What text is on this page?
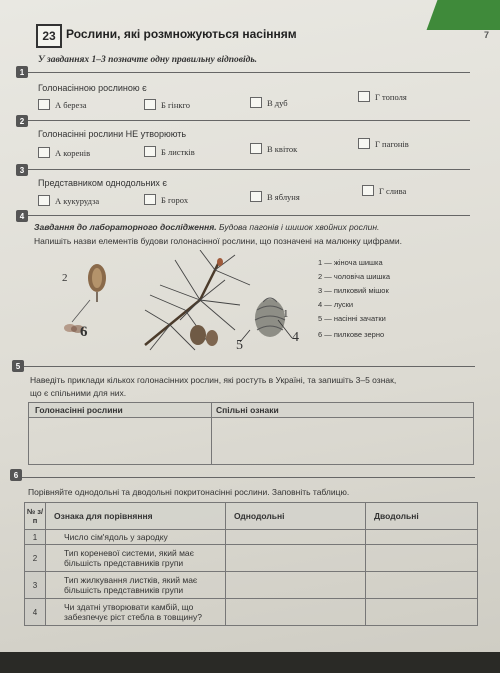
7
23 Рослини, які розмножуються насінням
У завданнях 1–3 позначте одну правильну відповідь.
1
Голонасінною рослиною є
А береза	Б гінкго	В дуб
Г тополя
2
Голонасінні рослини НЕ утворюють
А коренів	Б листків	В квіток	Г пагонів
3
Представником однодольних є
А кукурудза	Б горох	В яблуня
Г слива
4
Завдання до лабораторного дослідження. Будова пагонів і шишок хвойних рослин.
Напишіть назви елементів будови голонасінної рослини, що позначені на малюнку цифрами.
2
6
1
4
5
1 — жіноча шишка
2 — чоловіча шишка
3 — пилковий мішок
4 — луски
5 — насінні зачатки
6 — пилкове зерно
5
Наведіть приклади кількох голонасінних рослин, які ростуть в Україні, та запишіть 3–5 ознак,
що є спільними для них.
Голонасінні рослини	Спільні ознаки

6
Порівняйте однодольні та дводольні покритонасінні рослини. Заповніть таблицю.
№ з/п	Ознака для порівняння	Однодольні	Дводольні
1	Число сім'ядоль у зародку		
2	Тип кореневої системи, який має більшість представників групи		
3	Тип жилкування листків, який має більшість представників групи		
4	Чи здатні утворювати камбій, що забезпечує ріст стебла в товщину?		
